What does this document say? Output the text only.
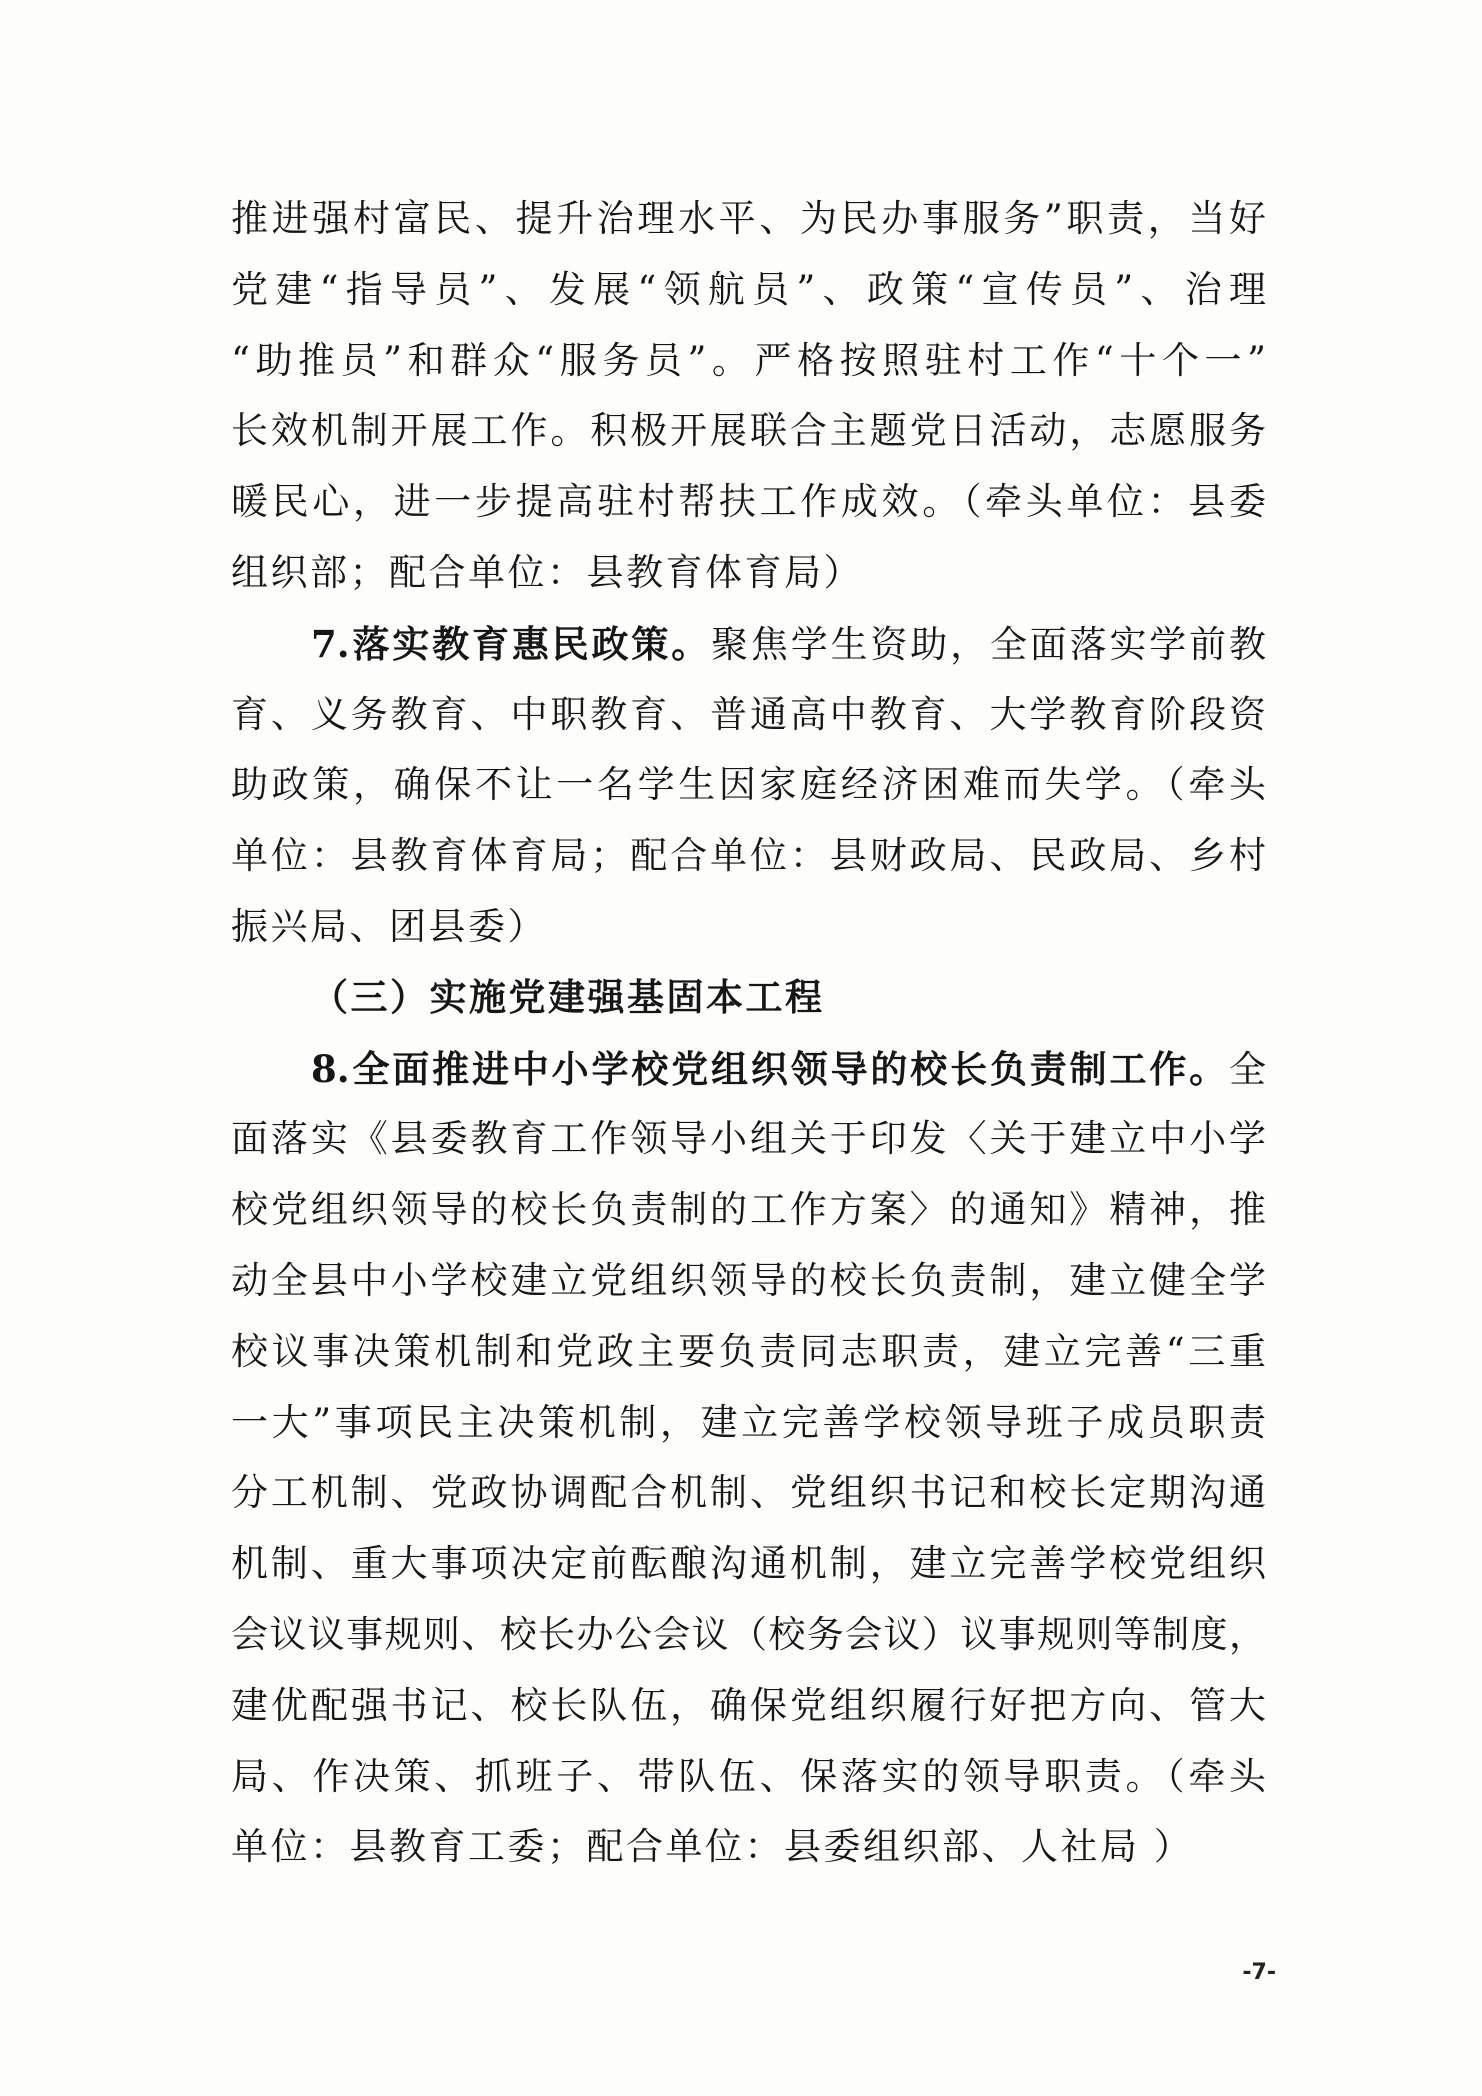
推进强村富民、提升治理水平、为民办事服务”职责，当好
党建“指导员”、发展“领航员”、政策“宣传员”、治理
“助推员”和群众“服务员”。严格按照驻村工作“十个一”
长效机制开展工作。积极开展联合主题党日活动，志愿服务
暖民心，进一步提高驻村帮扶工作成效。（牵头单位：县委
组织部；配合单位：县教育体育局）
7.落实教育惠民政策。聚焦学生资助，全面落实学前教
育、义务教育、中职教育、普通高中教育、大学教育阶段资
助政策，确保不让一名学生因家庭经济困难而失学。（牵头
单位：县教育体育局；配合单位：县财政局、民政局、乡村
振兴局、团县委）
（三）实施党建强基固本工程
8.全面推进中小学校党组织领导的校长负责制工作。全
面落实《县委教育工作领导小组关于印发〈关于建立中小学
校党组织领导的校长负责制的工作方案〉的通知》精神，推
动全县中小学校建立党组织领导的校长负责制，建立健全学
校议事决策机制和党政主要负责同志职责，建立完善“三重
一大”事项民主决策机制，建立完善学校领导班子成员职责
分工机制、党政协调配合机制、党组织书记和校长定期沟通
机制、重大事项决定前酝酿沟通机制，建立完善学校党组织
会议议事规则、校长办公会议（校务会议）议事规则等制度，
建优配强书记、校长队伍，确保党组织履行好把方向、管大
局、作决策、抓班子、带队伍、保落实的领导职责。（牵头
单位：县教育工委；配合单位：县委组织部、人社局 ）
-7-
